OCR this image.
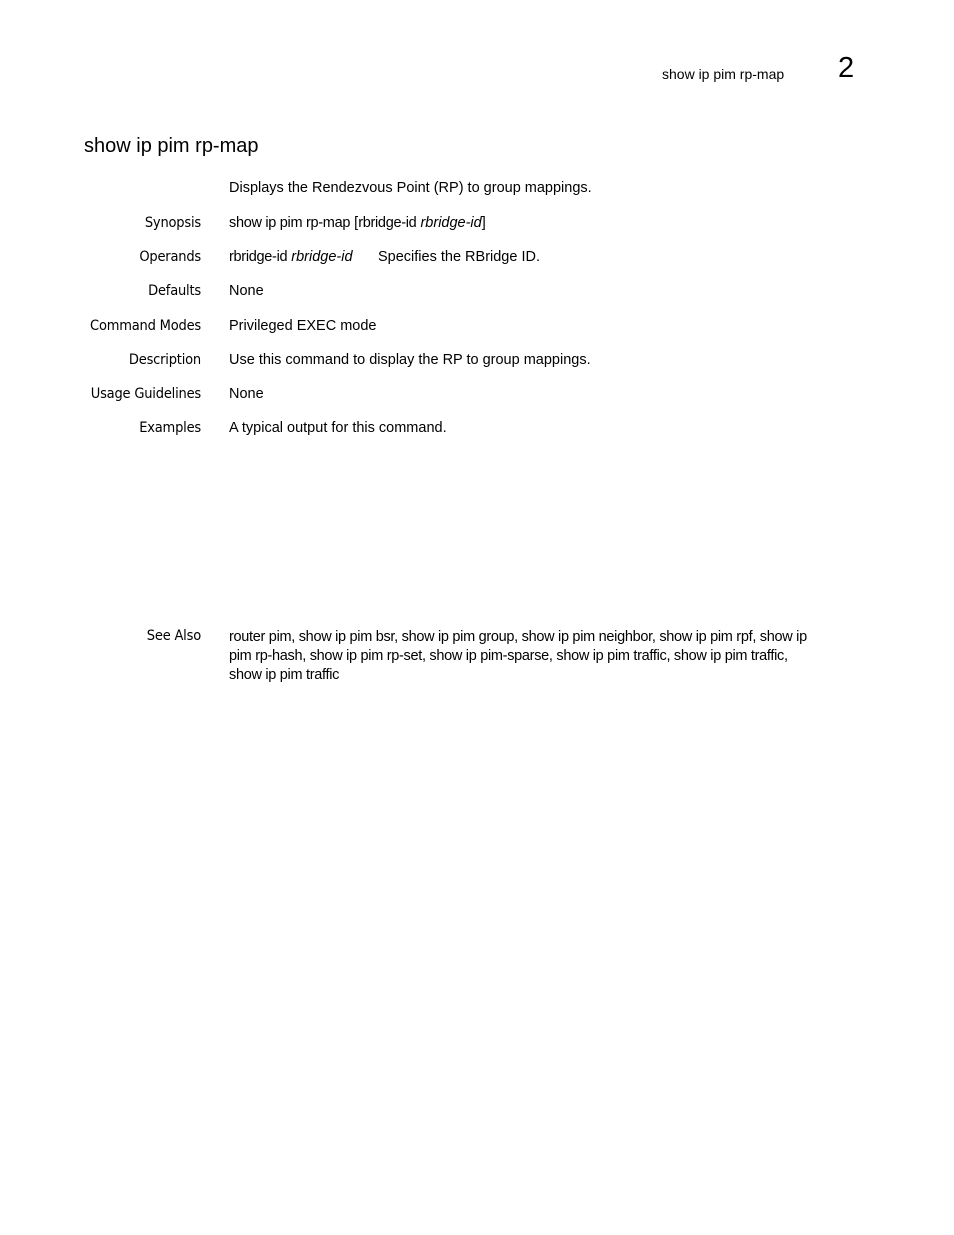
show ip pim rp-map 2
show ip pim rp-map
Displays the Rendezvous Point (RP) to group mappings.
Synopsis show ip pim rp-map [rbridge-id rbridge-id]
Operands rbridge-id rbridge-id Specifies the RBridge ID.
Defaults None
Command Modes Privileged EXEC mode
Description Use this command to display the RP to group mappings.
Usage Guidelines None
Examples A typical output for this command.
See Also router pim, show ip pim bsr, show ip pim group, show ip pim neighbor, show ip pim rpf, show ip pim rp-hash, show ip pim rp-set, show ip pim-sparse, show ip pim traffic, show ip pim traffic, show ip pim traffic
